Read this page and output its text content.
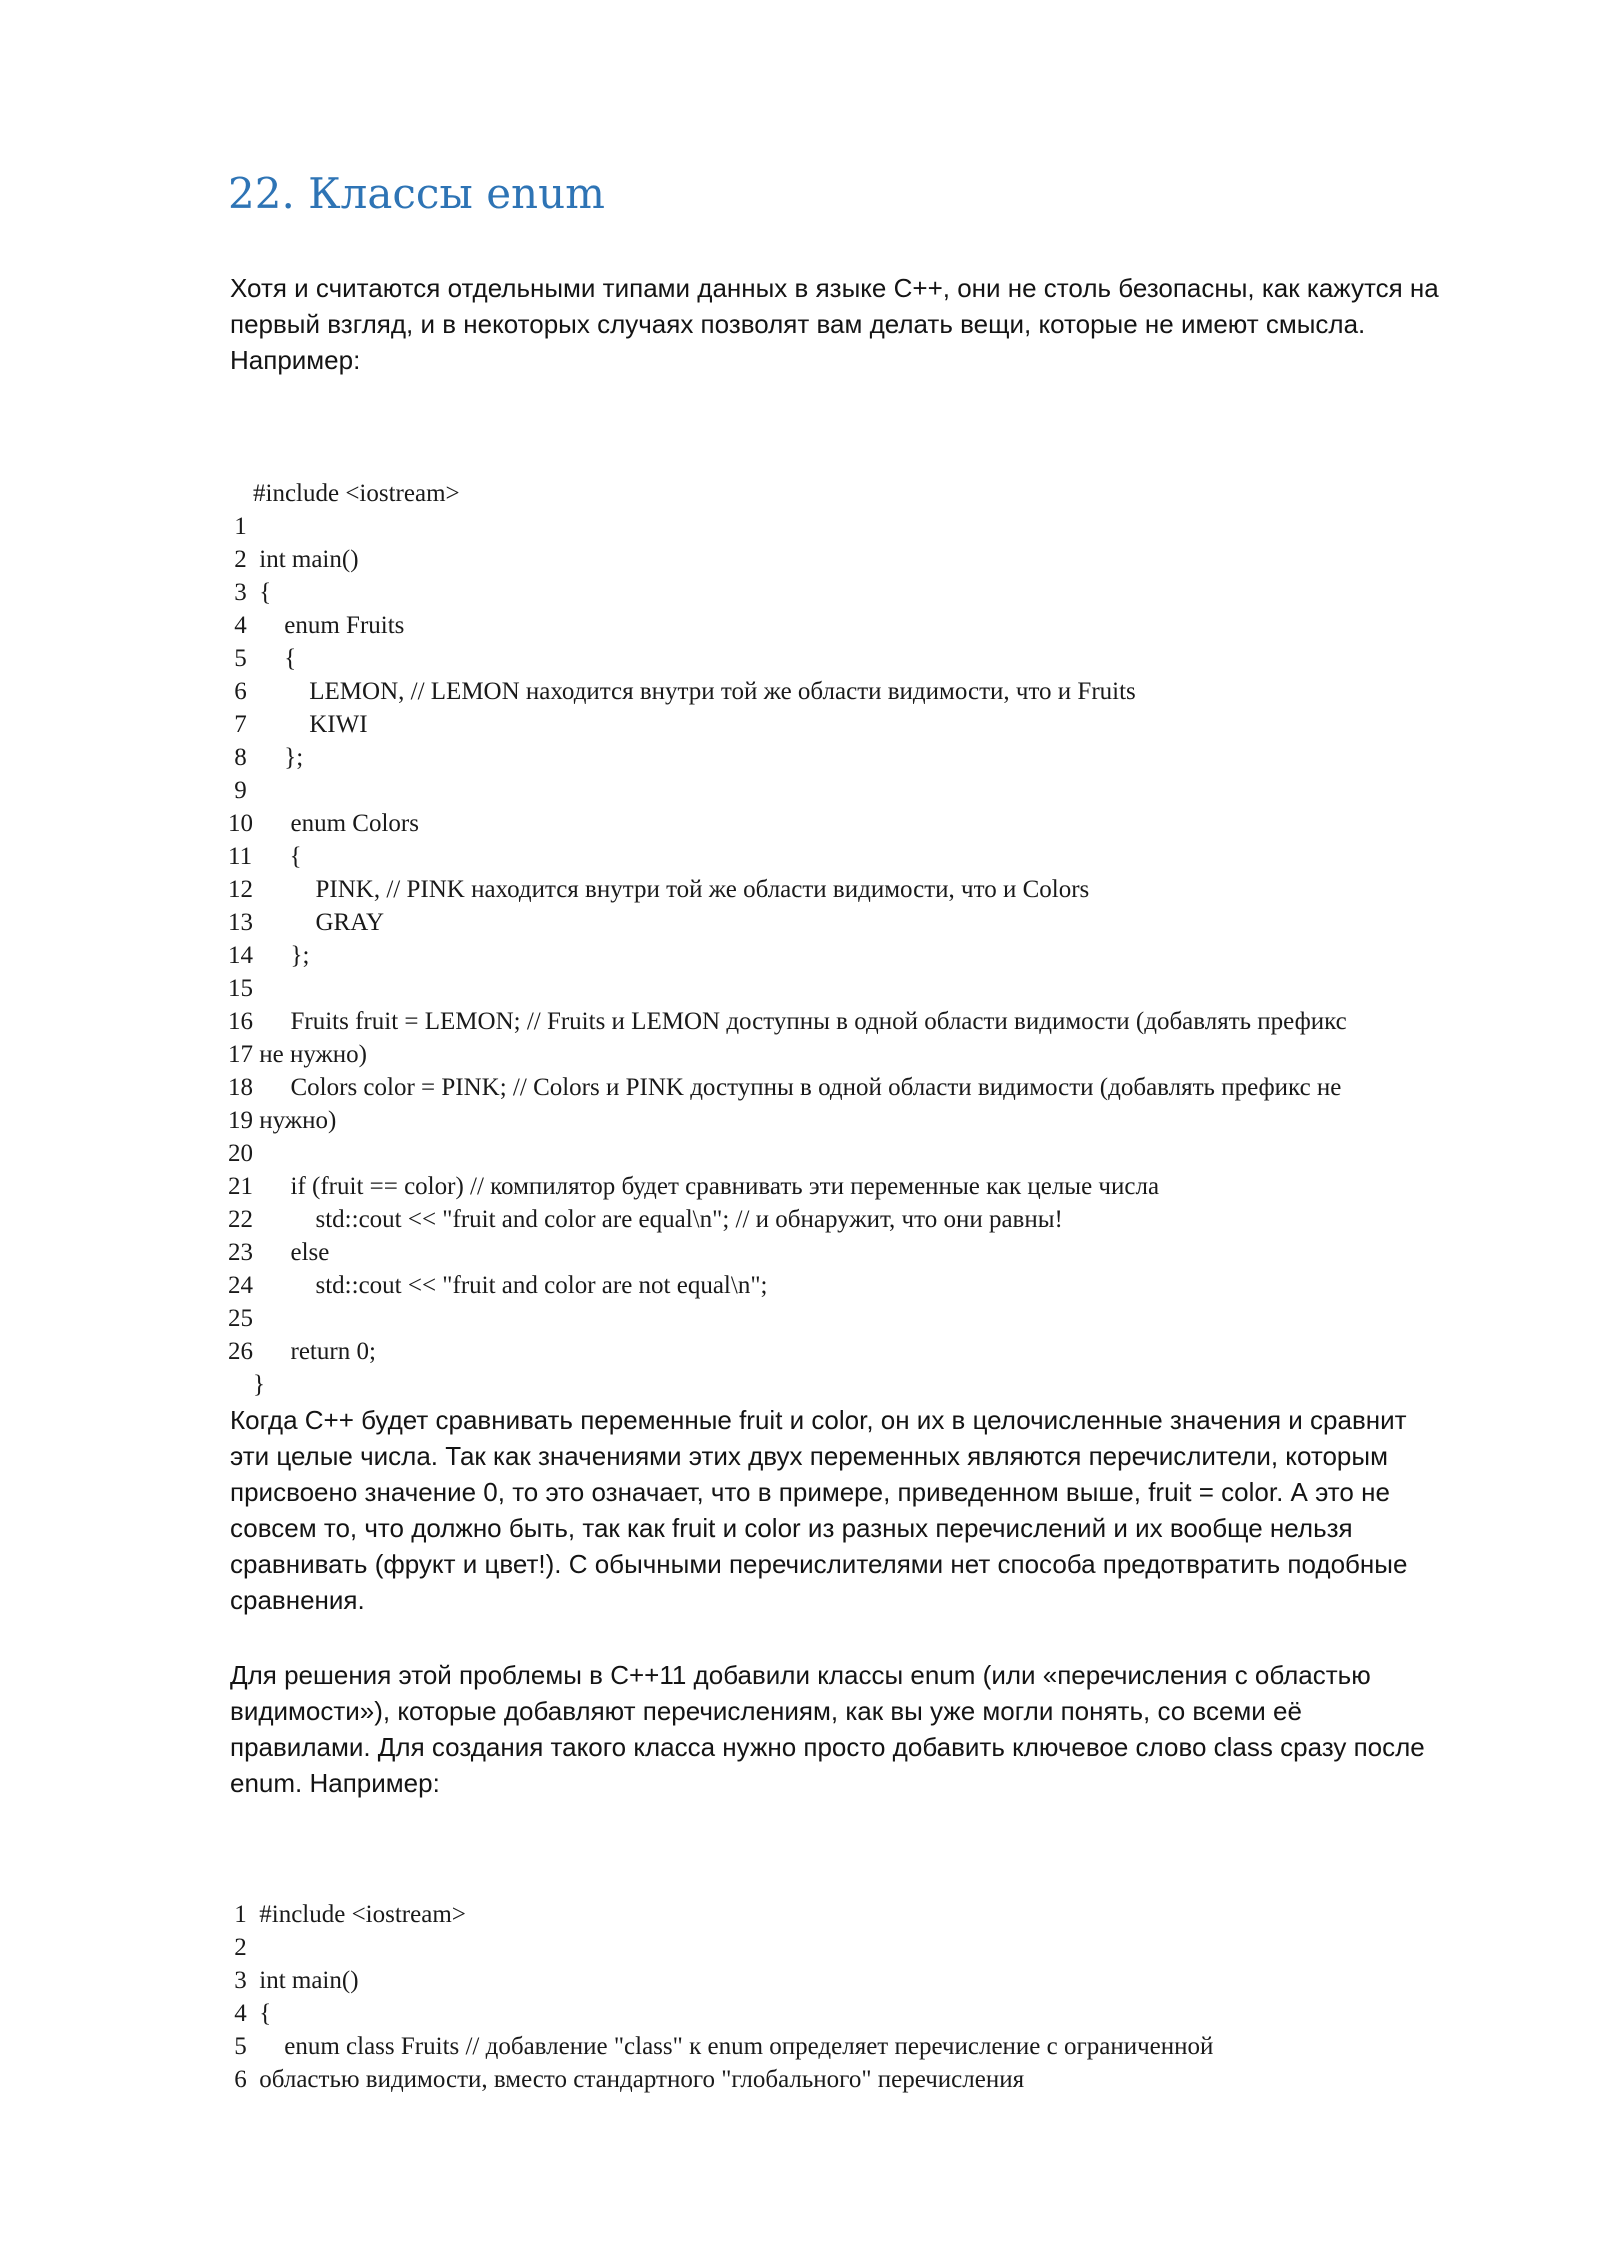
22. Классы enum

Хотя и считаются отдельными типами данных в языке C++, они не столь безопасны, как кажутся на
первый взгляд, и в некоторых случаях позволят вам делать вещи, которые не имеют смысла.
Например:

#include <iostream>
1
2  int main()
3  {
4      enum Fruits
5      {
6          LEMON, // LEMON находится внутри той же области видимости, что и Fruits
7          KIWI
8      };
9
10      enum Colors
11      {
12          PINK, // PINK находится внутри той же области видимости, что и Colors
13          GRAY
14      };
15
16      Fruits fruit = LEMON; // Fruits и LEMON доступны в одной области видимости (добавлять префикс
17 не нужно)
18      Colors color = PINK; // Colors и PINK доступны в одной области видимости (добавлять префикс не
19 нужно)
20
21      if (fruit == color) // компилятор будет сравнивать эти переменные как целые числа
22          std::cout << "fruit and color are equal\n"; // и обнаружит, что они равны!
23      else
24          std::cout << "fruit and color are not equal\n";
25
26      return 0;
}

Когда C++ будет сравнивать переменные fruit и color, он их в целочисленные значения и сравнит
эти целые числа. Так как значениями этих двух переменных являются перечислители, которым
присвоено значение 0, то это означает, что в примере, приведенном выше, fruit = color. А это не
совсем то, что должно быть, так как fruit и color из разных перечислений и их вообще нельзя
сравнивать (фрукт и цвет!). С обычными перечислителями нет способа предотвратить подобные
сравнения.

Для решения этой проблемы в C++11 добавили классы enum (или «перечисления с областью
видимости»), которые добавляют перечислениям, как вы уже могли понять, со всеми её
правилами. Для создания такого класса нужно просто добавить ключевое слово class сразу после
enum. Например:

1  #include <iostream>
2
3  int main()
4  {
5      enum class Fruits // добавление "class" к enum определяет перечисление с ограниченной
6  областью видимости, вместо стандартного "глобального" перечисления
